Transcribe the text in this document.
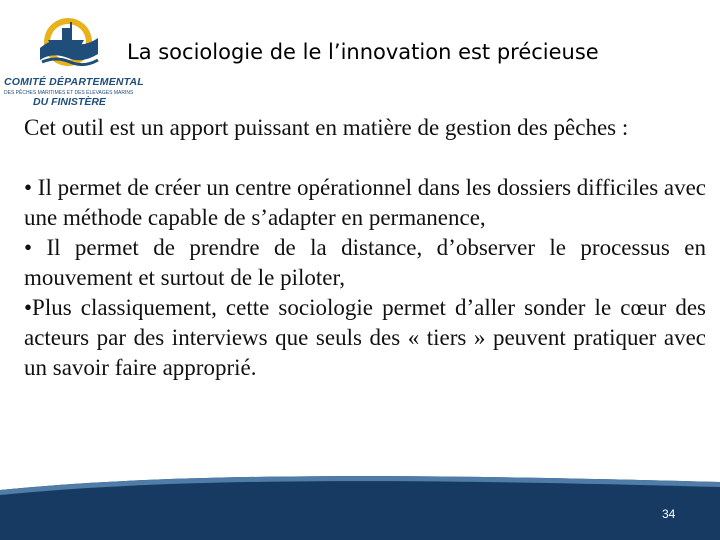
COMITÉ DÉPARTEMENTAL
DES PÊCHES MARITIMES ET DES ÉLEVAGES MARINS
DU FINISTÈRE
La sociologie de le l’innovation est précieuse

Cet outil est un apport puissant en matière de gestion des pêches :

• Il permet de créer un centre opérationnel dans les dossiers difficiles avec une méthode capable de s’adapter en permanence,

• Il permet de prendre de la distance, d’observer le processus en mouvement et surtout de le piloter,

•Plus classiquement, cette sociologie permet d’aller sonder le cœur des acteurs par des interviews que seuls des « tiers » peuvent pratiquer avec un savoir faire approprié.

34
